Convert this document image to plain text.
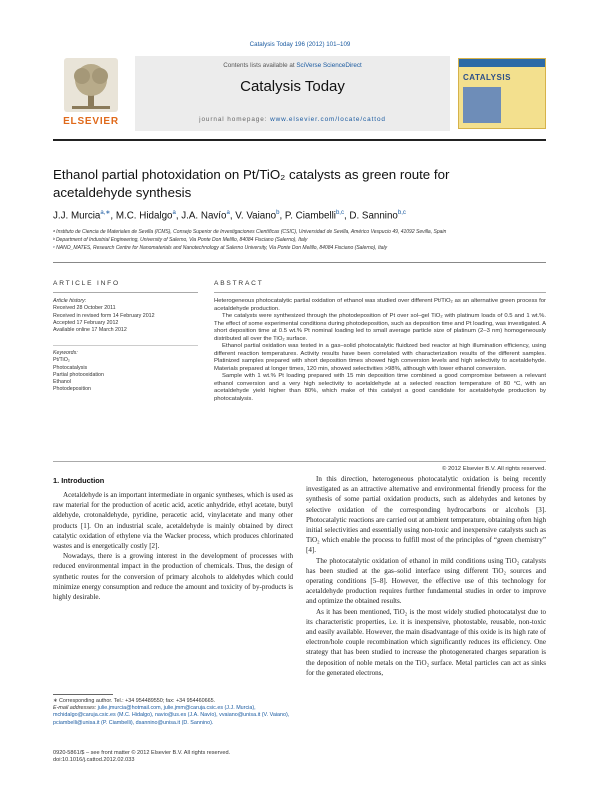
Catalysis Today 196 (2012) 101–109
ELSEVIER
Contents lists available at SciVerse ScienceDirect
Catalysis Today
journal homepage: www.elsevier.com/locate/cattod
CATALYSIS
Ethanol partial photoxidation on Pt/TiO₂ catalysts as green route for
acetaldehyde synthesis
J.J. Murcia$^{a,∗}$, M.C. Hidalgo$^a$, J.A. Navío$^a$, V. Vaiano$^b$, P. Ciambelli$^{b,c}$, D. Sannino$^{b,c}$
ᵃ Instituto de Ciencia de Materiales de Sevilla (ICMS), Consejo Superior de Investigaciones Científicas (CSIC), Universidad de Sevilla, Américo Vespucio 49, 41092 Sevilla, Spain
ᵇ Department of Industrial Engineering, University of Salerno, Via Ponte Don Melillo, 84084 Fisciano (Salerno), Italy
ᶜ NANO_MATES, Research Centre for Nanomaterials and Nanotechnology at Salerno University, Via Ponte Don Melillo, 84084 Fisciano (Salerno), Italy
ARTICLE INFO	ABSTRACT
Article history:
Received 28 October 2011
Received in revised form 14 February 2012
Accepted 17 February 2012
Available online 17 March 2012
Keywords:
Pt/TiO₂
Photocatalysis
Partial photooxidation
Ethanol
Photodeposition

Heterogeneous photocatalytic partial oxidation of ethanol was studied over different Pt/TiO₂ as an alternative green process for acetaldehyde production.

The catalysts were synthesized through the photodeposition of Pt over sol–gel TiO₂ with platinum loads of 0.5 and 1 wt.%. The effect of some experimental conditions during photodeposition, such as deposition time and Pt loading, was investigated. A short deposition time at 0.5 wt.% Pt nominal loading led to small average particle size of platinum (2–3 nm) homogeneously distributed all over the TiO₂ surface.

Ethanol partial oxidation was tested in a gas–solid photocatalytic fluidized bed reactor at high illumination efficiency, using different reaction temperatures. Activity results have been correlated with characterization results of the different samples. Platinized samples prepared with short deposition times showed high conversion levels and high selectivity to acetaldehyde. Materials prepared at longer times, 120 min, showed selectivities >98%, although with lower ethanol conversion.

Sample with 1 wt.% Pt loading prepared with 15 min deposition time combined a good compromise between a relevant ethanol conversion and a very high selectivity to acetaldehyde at a selected reaction temperature of 80 °C, with an acetaldehyde yield higher than 80%, which make of this catalyst a good candidate for acetaldehyde production by photocatalysis.

© 2012 Elsevier B.V. All rights reserved.
1. Introduction

Acetaldehyde is an important intermediate in organic syntheses, which is used as raw material for the production of acetic acid, acetic anhydride, ethyl acetate, butyl aldehyde, crotonaldehyde, pyridine, peracetic acid, vinylacetate and many other products [1]. On an industrial scale, acetaldehyde is mainly obtained by direct catalytic oxidation of ethylene via the Wacker process, which produces chlorinated wastes and is energetically costly [2].

Nowadays, there is a growing interest in the development of processes with reduced environmental impact in the production of chemicals. Thus, the design of synthetic routes for the conversion of primary alcohols to aldehydes which could minimize energy consumption and reduce the amount and toxicity of by-products is highly desirable.

In this direction, heterogeneous photocatalytic oxidation is being recently investigated as an attractive alternative and environmental friendly process for the synthesis of some partial oxidation products, such as aldehydes and ketones by selective oxidation of the corresponding hydrocarbons or alcohols [3]. Photocatalytic reactions are carried out at ambient temperature, obtaining often high initial selectivities and essentially using non-toxic and inexpensive catalysts such as TiO₂ which enable the process to fulfill most of the principles of “green chemistry” [4].

The photocatalytic oxidation of ethanol in mild conditions using TiO₂ catalysts has been studied at the gas–solid interface using different TiO₂ sources and operating conditions [5–8]. However, the effective use of this technology for acetaldehyde production requires further fundamental studies in order to improve and optimize the obtained results.

As it has been mentioned, TiO₂ is the most widely studied photocatalyst due to its characteristic properties, i.e. it is inexpensive, photostable, reusable, non-toxic and easily available. However, the main disadvantage of this oxide is its high rate of electron/hole couple recombination which significantly reduces its efficiency. One strategy that has been studied to increase the photogenerated charges separation is the deposition of noble metals on the TiO₂ surface. Metal particles can act as sinks for the generated electrons,

∗ Corresponding author. Tel.: +34 954489550; fax: +34 954460665.
E-mail addresses: julie.jmurcia@hotmail.com, julie.jmm@caruja.csic.es (J.J. Murcia), mchidalgo@caruja.csic.es (M.C. Hidalgo), navio@us.es (J.A. Navío), vvaiano@unisa.it (V. Vaiano), pciambelli@unisa.it (P. Ciambelli), dsannino@unisa.it (D. Sannino).
0920-5861/$ – see front matter © 2012 Elsevier B.V. All rights reserved.
doi:10.1016/j.cattod.2012.02.033
